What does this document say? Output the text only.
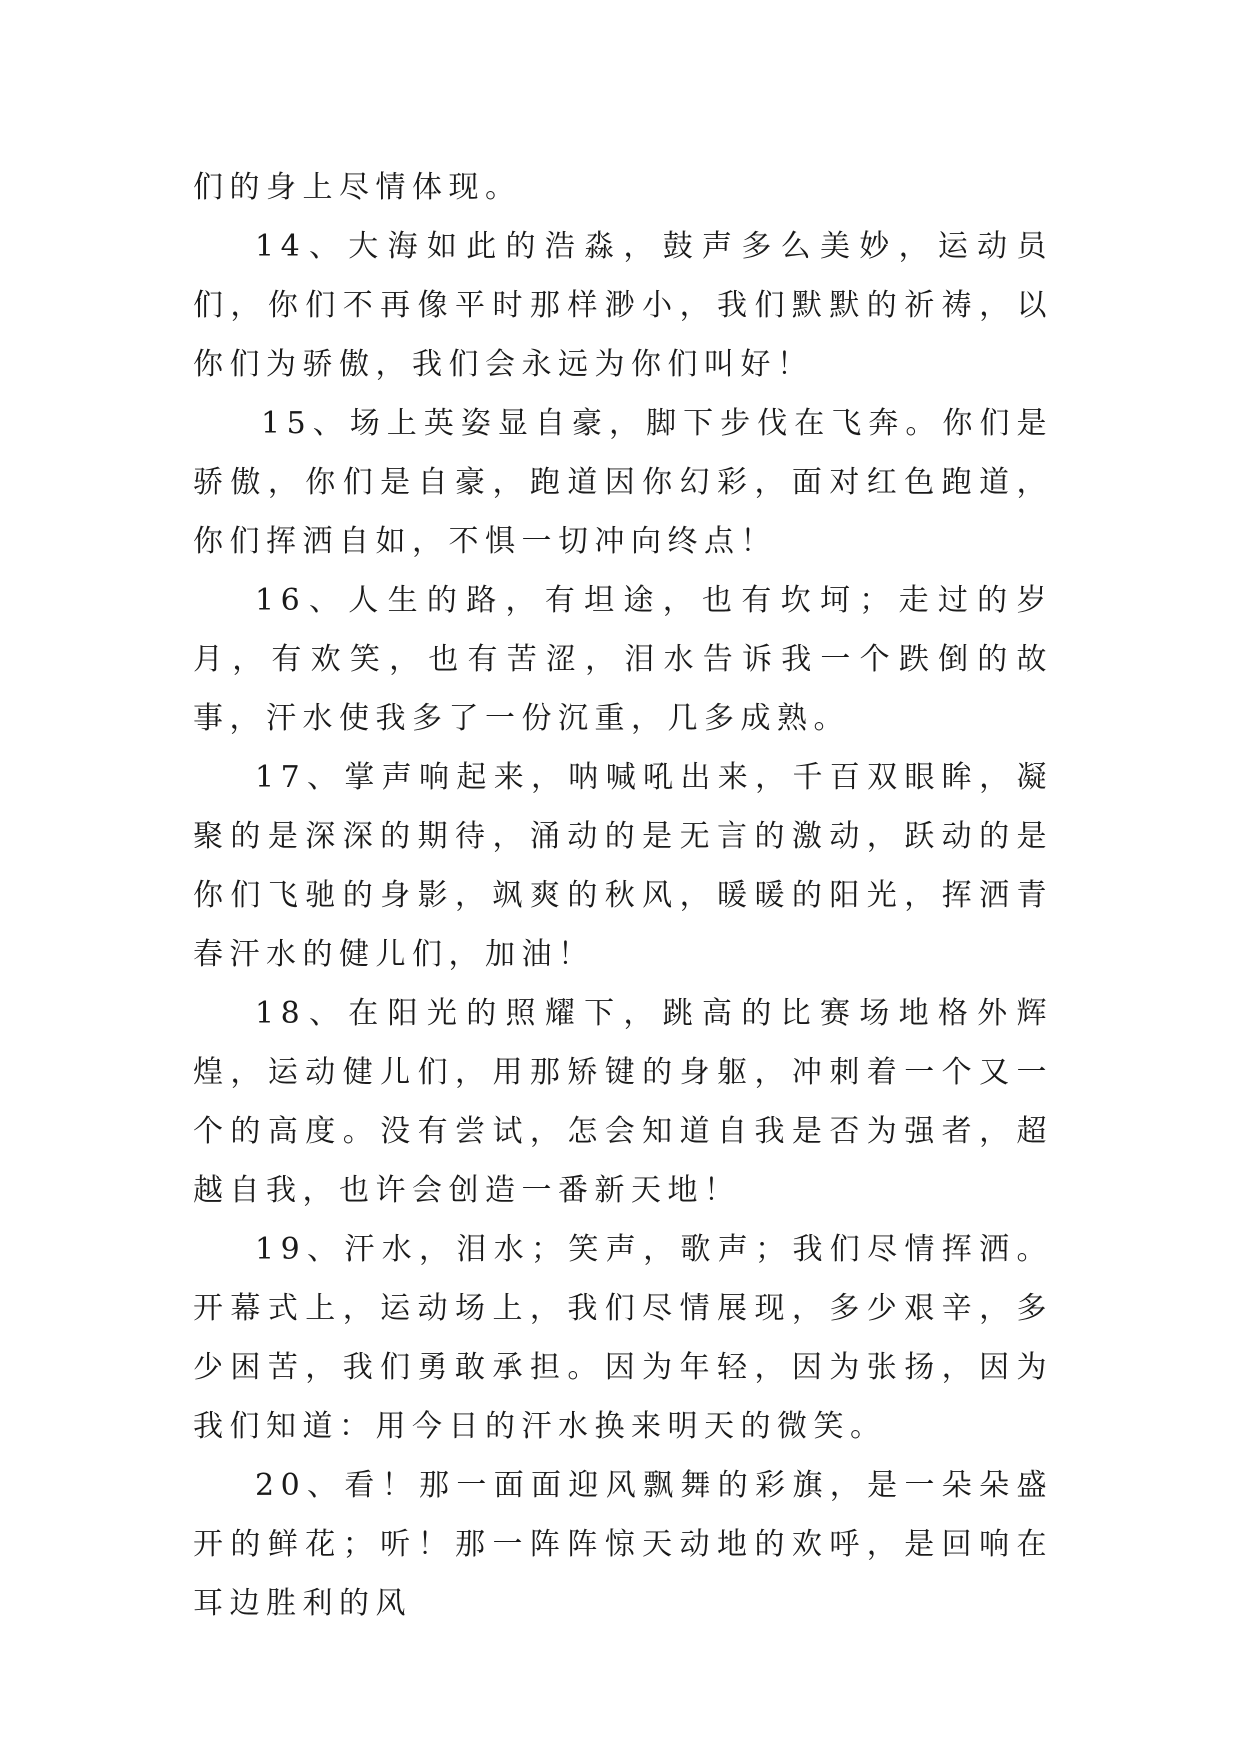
们的身上尽情体现。

14、大海如此的浩淼，鼓声多么美妙，运动员们，你们不再像平时那样渺小，我们默默的祈祷，以你们为骄傲，我们会永远为你们叫好！

15、场上英姿显自豪，脚下步伐在飞奔。你们是骄傲，你们是自豪，跑道因你幻彩，面对红色跑道，你们挥洒自如，不惧一切冲向终点！

16、人生的路，有坦途，也有坎坷；走过的岁月，有欢笑，也有苦涩，泪水告诉我一个跌倒的故事，汗水使我多了一份沉重，几多成熟。

17、掌声响起来，呐喊吼出来，千百双眼眸，凝聚的是深深的期待，涌动的是无言的激动，跃动的是你们飞驰的身影，飒爽的秋风，暖暖的阳光，挥洒青春汗水的健儿们，加油！

18、在阳光的照耀下，跳高的比赛场地格外辉煌，运动健儿们，用那矫键的身躯，冲刺着一个又一个的高度。没有尝试，怎会知道自我是否为强者，超越自我，也许会创造一番新天地！

19、汗水，泪水；笑声，歌声；我们尽情挥洒。开幕式上，运动场上，我们尽情展现，多少艰辛，多少困苦，我们勇敢承担。因为年轻，因为张扬，因为我们知道：用今日的汗水换来明天的微笑。

20、看！那一面面迎风飘舞的彩旗，是一朵朵盛开的鲜花；听！那一阵阵惊天动地的欢呼，是回响在耳边胜利的风
